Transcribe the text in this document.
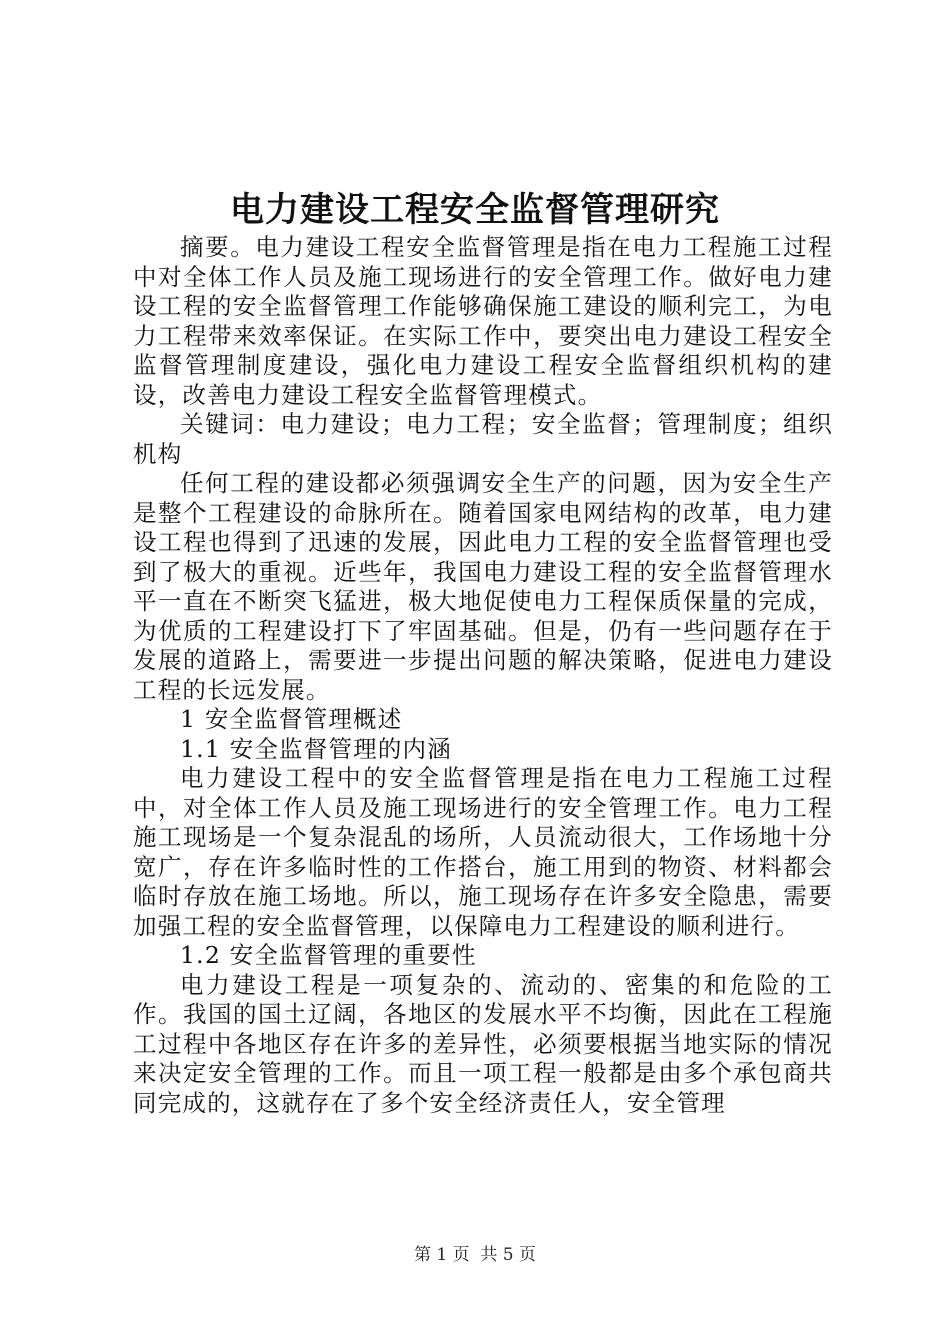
电力建设工程安全监督管理研究

摘要。电力建设工程安全监督管理是指在电力工程施工过程中对全体工作人员及施工现场进行的安全管理工作。做好电力建设工程的安全监督管理工作能够确保施工建设的顺利完工，为电力工程带来效率保证。在实际工作中，要突出电力建设工程安全监督管理制度建设，强化电力建设工程安全监督组织机构的建设，改善电力建设工程安全监督管理模式。

关键词：电力建设；电力工程；安全监督；管理制度；组织机构

任何工程的建设都必须强调安全生产的问题，因为安全生产是整个工程建设的命脉所在。随着国家电网结构的改革，电力建设工程也得到了迅速的发展，因此电力工程的安全监督管理也受到了极大的重视。近些年，我国电力建设工程的安全监督管理水平一直在不断突飞猛进，极大地促使电力工程保质保量的完成，为优质的工程建设打下了牢固基础。但是，仍有一些问题存在于发展的道路上，需要进一步提出问题的解决策略，促进电力建设工程的长远发展。

1 安全监督管理概述

1.1 安全监督管理的内涵

电力建设工程中的安全监督管理是指在电力工程施工过程中，对全体工作人员及施工现场进行的安全管理工作。电力工程施工现场是一个复杂混乱的场所，人员流动很大，工作场地十分宽广，存在许多临时性的工作搭台，施工用到的物资、材料都会临时存放在施工场地。所以，施工现场存在许多安全隐患，需要加强工程的安全监督管理，以保障电力工程建设的顺利进行。

1.2 安全监督管理的重要性

电力建设工程是一项复杂的、流动的、密集的和危险的工作。我国的国土辽阔，各地区的发展水平不均衡，因此在工程施工过程中各地区存在许多的差异性，必须要根据当地实际的情况来决定安全管理的工作。而且一项工程一般都是由多个承包商共同完成的，这就存在了多个安全经济责任人，安全管理

第 1 页  共 5 页
